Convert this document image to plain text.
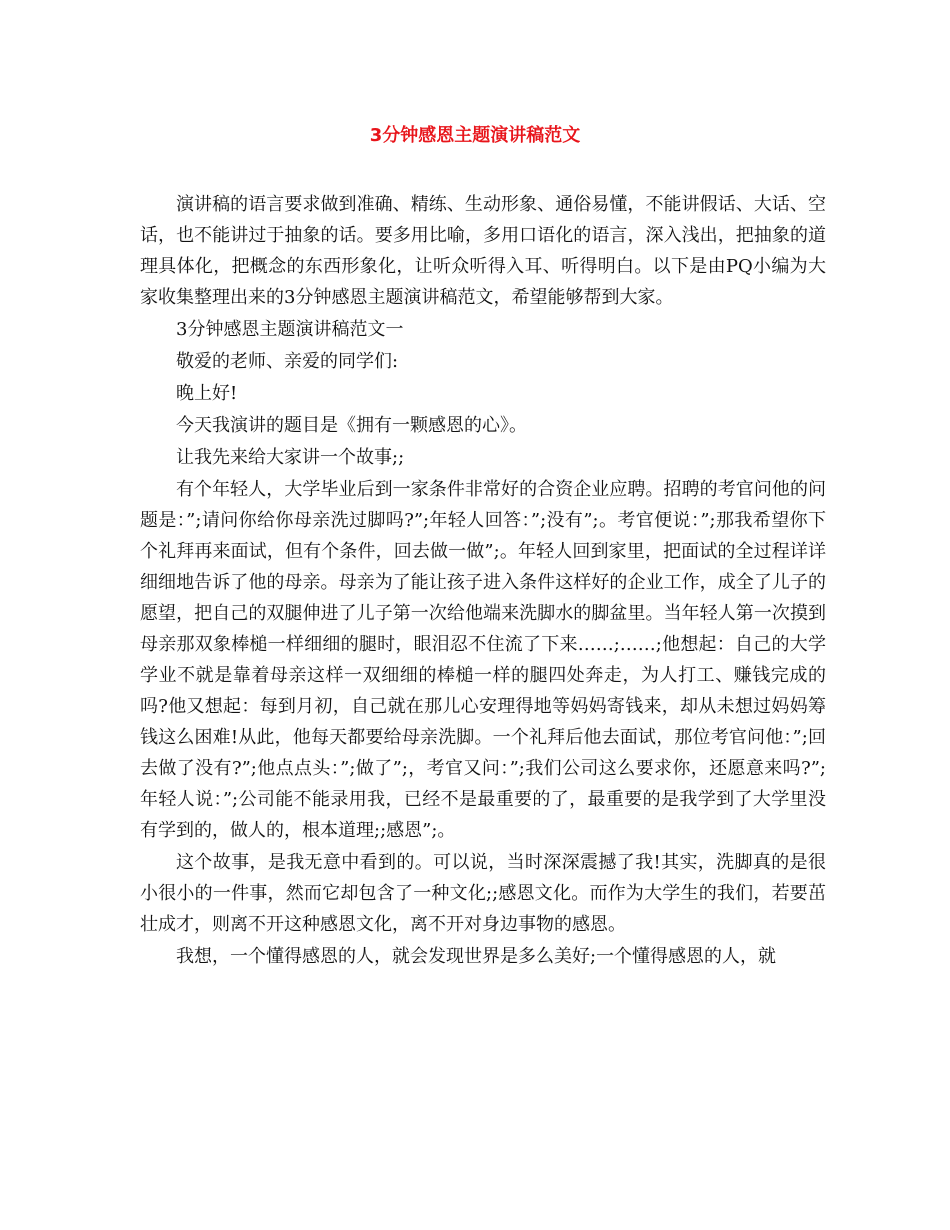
3分钟感恩主题演讲稿范文

演讲稿的语言要求做到准确、精练、生动形象、通俗易懂，不能讲假话、大话、空话，也不能讲过于抽象的话。要多用比喻，多用口语化的语言，深入浅出，把抽象的道理具体化，把概念的东西形象化，让听众听得入耳、听得明白。以下是由PQ小编为大家收集整理出来的3分钟感恩主题演讲稿范文，希望能够帮到大家。

3分钟感恩主题演讲稿范文一

敬爱的老师、亲爱的同学们:

晚上好!

今天我演讲的题目是《拥有一颗感恩的心》。

让我先来给大家讲一个故事;;

有个年轻人，大学毕业后到一家条件非常好的合资企业应聘。招聘的考官问他的问题是：”;请问你给你母亲洗过脚吗?”;年轻人回答：”;没有”;。考官便说：”;那我希望你下个礼拜再来面试，但有个条件，回去做一做”;。年轻人回到家里，把面试的全过程详详细细地告诉了他的母亲。母亲为了能让孩子进入条件这样好的企业工作，成全了儿子的愿望，把自己的双腿伸进了儿子第一次给他端来洗脚水的脚盆里。当年轻人第一次摸到母亲那双象棒槌一样细细的腿时，眼泪忍不住流了下来……;……;他想起：自己的大学学业不就是靠着母亲这样一双细细的棒槌一样的腿四处奔走，为人打工、赚钱完成的吗?他又想起：每到月初，自己就在那儿心安理得地等妈妈寄钱来，却从未想过妈妈筹钱这么困难!从此，他每天都要给母亲洗脚。一个礼拜后他去面试，那位考官问他：”;回去做了没有?”;他点点头：”;做了”;，考官又问：”;我们公司这么要求你，还愿意来吗?”;年轻人说：”;公司能不能录用我，已经不是最重要的了，最重要的是我学到了大学里没有学到的，做人的，根本道理;;感恩”;。

这个故事，是我无意中看到的。可以说，当时深深震撼了我!其实，洗脚真的是很小很小的一件事，然而它却包含了一种文化;;感恩文化。而作为大学生的我们，若要茁壮成才，则离不开这种感恩文化，离不开对身边事物的感恩。

我想，一个懂得感恩的人，就会发现世界是多么美好;一个懂得感恩的人，就
